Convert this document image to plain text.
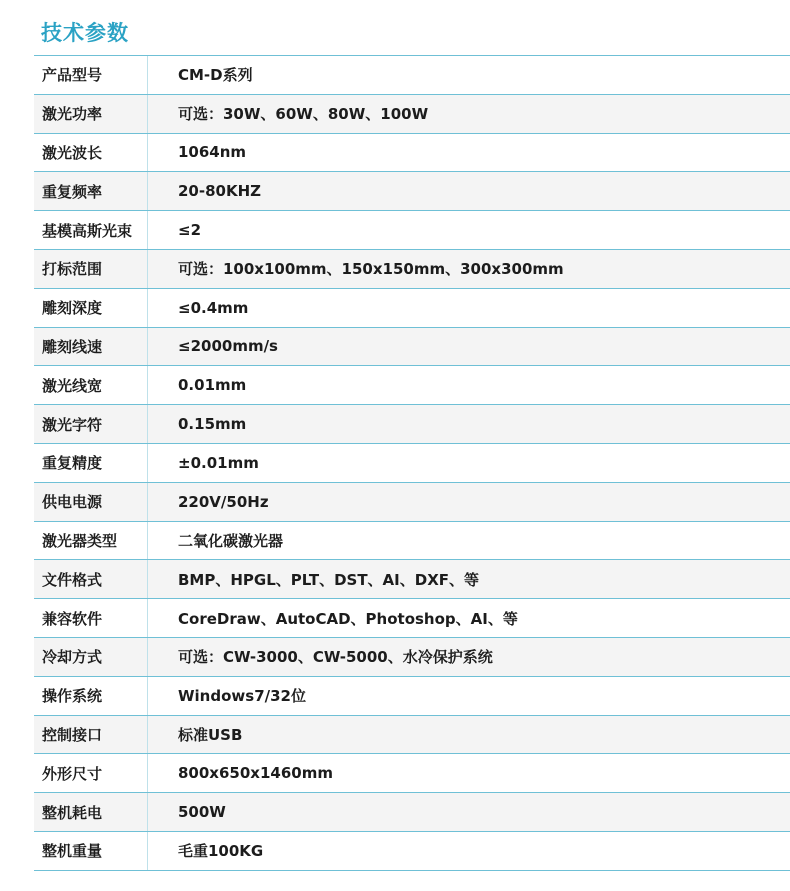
技术参数
产品型号	CM-D系列
激光功率	可选：30W、60W、80W、100W
激光波长	1064nm
重复频率	20-80KHZ
基模高斯光束	≤2
打标范围	可选：100x100mm、150x150mm、300x300mm
雕刻深度	≤0.4mm
雕刻线速	≤2000mm/s
激光线宽	0.01mm
激光字符	0.15mm
重复精度	±0.01mm
供电电源	220V/50Hz
激光器类型	二氧化碳激光器
文件格式	BMP、HPGL、PLT、DST、AI、DXF、等
兼容软件	CoreDraw、AutoCAD、Photoshop、AI、等
冷却方式	可选：CW-3000、CW-5000、水冷保护系统
操作系统	Windows7/32位
控制接口	标准USB
外形尺寸	800x650x1460mm
整机耗电	500W
整机重量	毛重100KG
